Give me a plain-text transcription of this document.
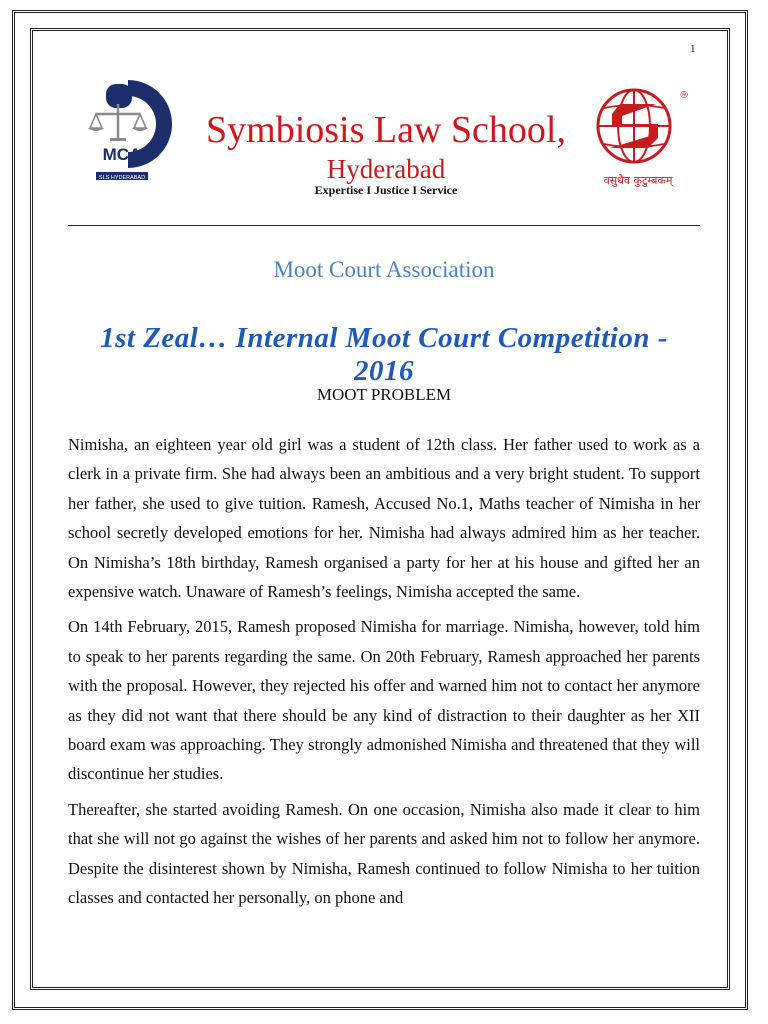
1
MCA
SLS HYDERABAD
Symbiosis Law School,
Hyderabad
Expertise I Justice I Service
®
वसुधैव कुटुम्बकम्
Moot Court Association
1st Zeal… Internal Moot Court Competition - 2016
MOOT PROBLEM

Nimisha, an eighteen year old girl was a student of 12th class. Her father used to work as a clerk in a private firm. She had always been an ambitious and a very bright student. To support her father, she used to give tuition. Ramesh, Accused No.1, Maths teacher of Nimisha in her school secretly developed emotions for her. Nimisha had always admired him as her teacher. On Nimisha’s 18th birthday, Ramesh organised a party for her at his house and gifted her an expensive watch. Unaware of Ramesh’s feelings, Nimisha accepted the same.

On 14th February, 2015, Ramesh proposed Nimisha for marriage. Nimisha, however, told him to speak to her parents regarding the same. On 20th February, Ramesh approached her parents with the proposal. However, they rejected his offer and warned him not to contact her anymore as they did not want that there should be any kind of distraction to their daughter as her XII board exam was approaching. They strongly admonished Nimisha and threatened that they will discontinue her studies.

Thereafter, she started avoiding Ramesh. On one occasion, Nimisha also made it clear to him that she will not go against the wishes of her parents and asked him not to follow her anymore. Despite the disinterest shown by Nimisha, Ramesh continued to follow Nimisha to her tuition classes and contacted her personally, on phone and
